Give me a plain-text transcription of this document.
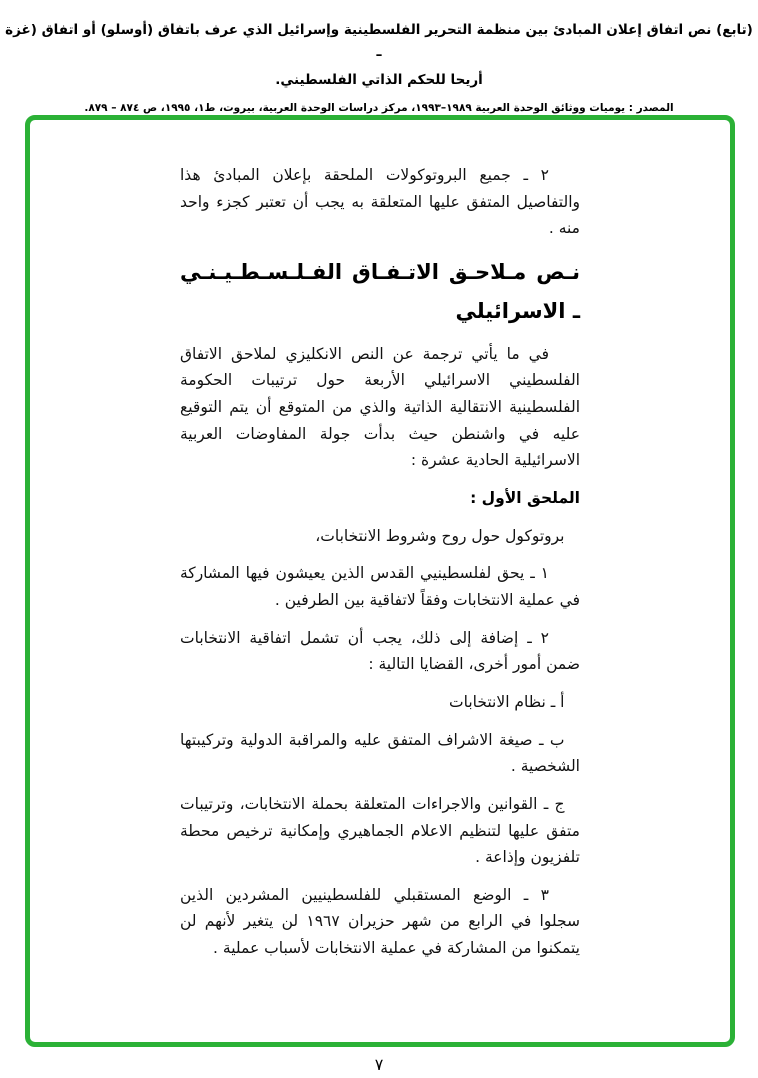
(تابع) نص اتفاق إعلان المبادئ بين منظمة التحرير الفلسطينية وإسرائيل الذي عرف باتفاق (أوسلو) أو اتفاق (غزة –
أريحا للحكم الذاتي الفلسطيني.
المصدر : يوميات ووثائق الوحدة العربية ١٩٨٩–١٩٩٣، مركز دراسات الوحدة العربية، بيروت، ط١، ١٩٩٥، ص ٨٧٤ – ٨٧٩.

٢ ـ جميع البروتوكولات الملحقة بإعلان المبادئ هذا والتفاصيل المتفق عليها المتعلقة به يجب أن تعتبر كجزء واحد منه .

نـص مـلاحـق الاتـفـاق الفـلـسـطـيـنـي ـ الاسرائيلي

في ما يأتي ترجمة عن النص الانكليزي لملاحق الاتفاق الفلسطيني الاسرائيلي الأربعة حول ترتيبات الحكومة الفلسطينية الانتقالية الذاتية والذي من المتوقع أن يتم التوقيع عليه في واشنطن حيث بدأت جولة المفاوضات العربية الاسرائيلية الحادية عشرة :

الملحق الأول :

بروتوكول حول روح وشروط الانتخابات،

١ ـ يحق لفلسطينيي القدس الذين يعيشون فيها المشاركة في عملية الانتخابات وفقاً لاتفاقية بين الطرفين .

٢ ـ إضافة إلى ذلك، يجب أن تشمل اتفاقية الانتخابات ضمن أمور أخرى، القضايا التالية :

أ ـ نظام الانتخابات

ب ـ صيغة الاشراف المتفق عليه والمراقبة الدولية وتركيبتها الشخصية .

ج ـ القوانين والاجراءات المتعلقة بحملة الانتخابات، وترتيبات متفق عليها لتنظيم الاعلام الجماهيري وإمكانية ترخيص محطة تلفزيون وإذاعة .

٣ ـ الوضع المستقبلي للفلسطينيين المشردين الذين سجلوا في الرابع من شهر حزيران ١٩٦٧ لن يتغير لأنهم لن يتمكنوا من المشاركة في عملية الانتخابات لأسباب عملية .

٧
